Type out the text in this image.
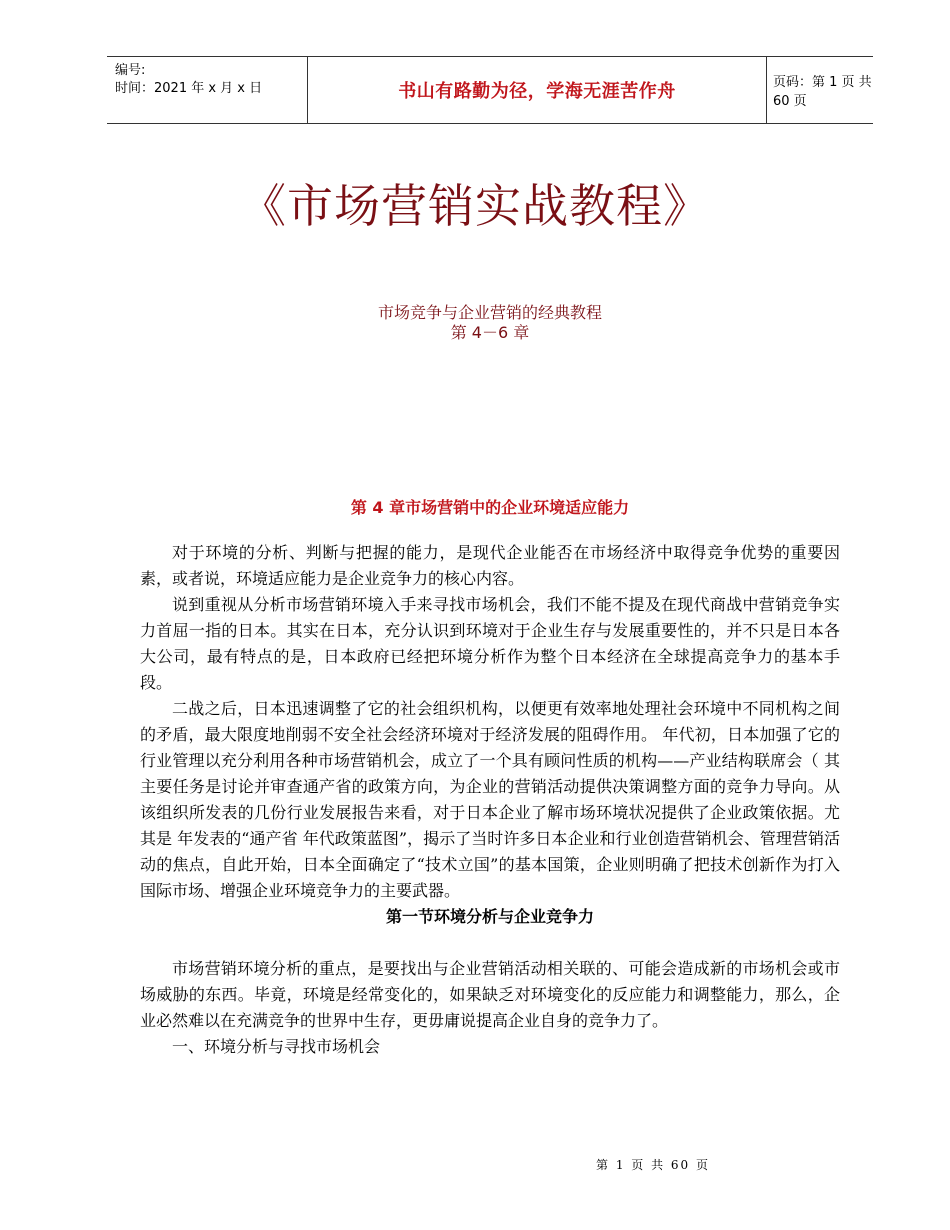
编号:
时间：2021 年 x 月 x 日	书山有路勤为径，学海无涯苦作舟	页码：第 1 页 共 60 页
《市场营销实战教程》
市场竞争与企业营销的经典教程
第 4－6 章
第 4 章市场营销中的企业环境适应能力

对于环境的分析、判断与把握的能力，是现代企业能否在市场经济中取得竞争优势的重要因素，或者说，环境适应能力是企业竞争力的核心内容。

说到重视从分析市场营销环境入手来寻找市场机会，我们不能不提及在现代商战中营销竞争实力首屈一指的日本。其实在日本，充分认识到环境对于企业生存与发展重要性的，并不只是日本各大公司，最有特点的是，日本政府已经把环境分析作为整个日本经济在全球提高竞争力的基本手段。

二战之后，日本迅速调整了它的社会组织机构，以便更有效率地处理社会环境中不同机构之间的矛盾，最大限度地削弱不安全社会经济环境对于经济发展的阻碍作用。 年代初，日本加强了它的行业管理以充分利用各种市场营销机会，成立了一个具有顾问性质的机构——产业结构联席会（ 其主要任务是讨论并审查通产省的政策方向，为企业的营销活动提供决策调整方面的竞争力导向。从该组织所发表的几份行业发展报告来看，对于日本企业了解市场环境状况提供了企业政策依据。尤其是 年发表的“通产省 年代政策蓝图”，揭示了当时许多日本企业和行业创造营销机会、管理营销活动的焦点，自此开始，日本全面确定了“技术立国”的基本国策，企业则明确了把技术创新作为打入国际市场、增强企业环境竞争力的主要武器。

第一节环境分析与企业竞争力

市场营销环境分析的重点，是要找出与企业营销活动相关联的、可能会造成新的市场机会或市场威胁的东西。毕竟，环境是经常变化的，如果缺乏对环境变化的反应能力和调整能力，那么，企业必然难以在充满竞争的世界中生存，更毋庸说提高企业自身的竞争力了。

一、环境分析与寻找市场机会

第 1 页 共 60 页
